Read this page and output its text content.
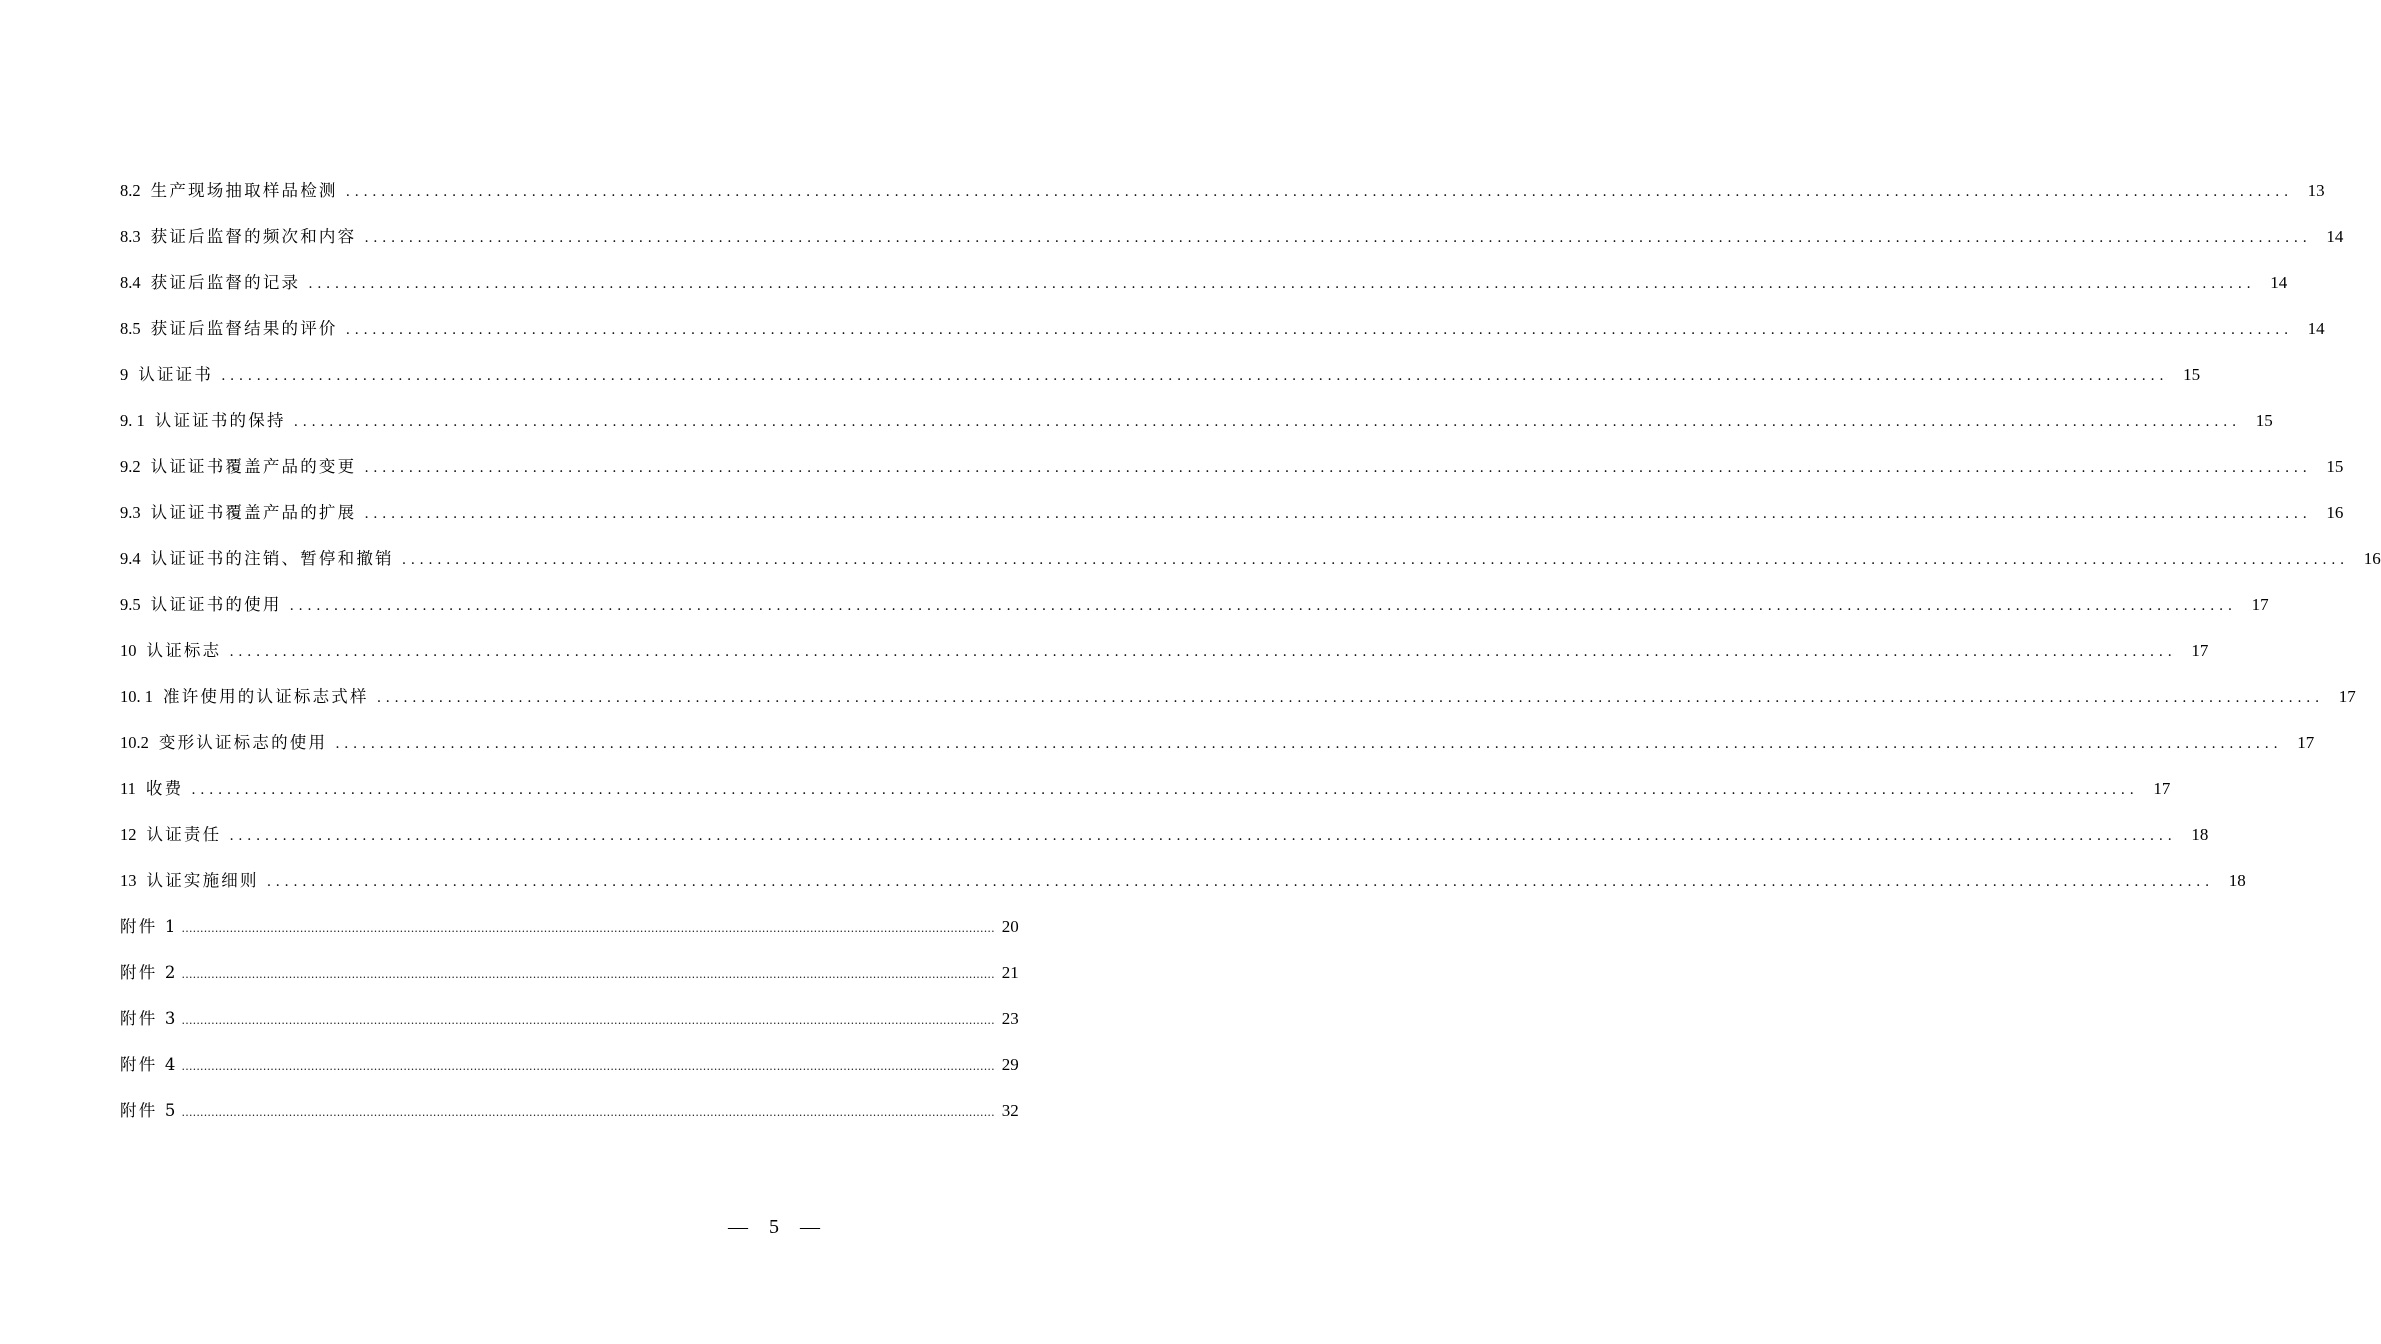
8.2 生产现场抽取样品检测 ............................................................................................................................................................................................................................ 13
8.3 获证后监督的频次和内容 ............................................................................................................................................................................................................................ 14
8.4 获证后监督的记录 ............................................................................................................................................................................................................................ 14
8.5 获证后监督结果的评价 ............................................................................................................................................................................................................................ 14
9 认证证书 ............................................................................................................................................................................................................................ 15
9. 1 认证证书的保持 ............................................................................................................................................................................................................................ 15
9.2 认证证书覆盖产品的变更 ............................................................................................................................................................................................................................ 15
9.3 认证证书覆盖产品的扩展 ............................................................................................................................................................................................................................ 16
9.4 认证证书的注销、暂停和撤销 ............................................................................................................................................................................................................................ 16
9.5 认证证书的使用 ............................................................................................................................................................................................................................ 17
10 认证标志 ............................................................................................................................................................................................................................ 17
10. 1 准许使用的认证标志式样 ............................................................................................................................................................................................................................ 17
10.2 变形认证标志的使用 ............................................................................................................................................................................................................................ 17
11 收费 ............................................................................................................................................................................................................................ 17
12 认证责任 ............................................................................................................................................................................................................................ 18
13 认证实施细则 ............................................................................................................................................................................................................................ 18
附件 1 ............................................................................................................................................................................................................................ 20
附件 2 ............................................................................................................................................................................................................................ 21
附件 3 ............................................................................................................................................................................................................................ 23
附件 4 ............................................................................................................................................................................................................................ 29
附件 5 ............................................................................................................................................................................................................................ 32
— 5 —
